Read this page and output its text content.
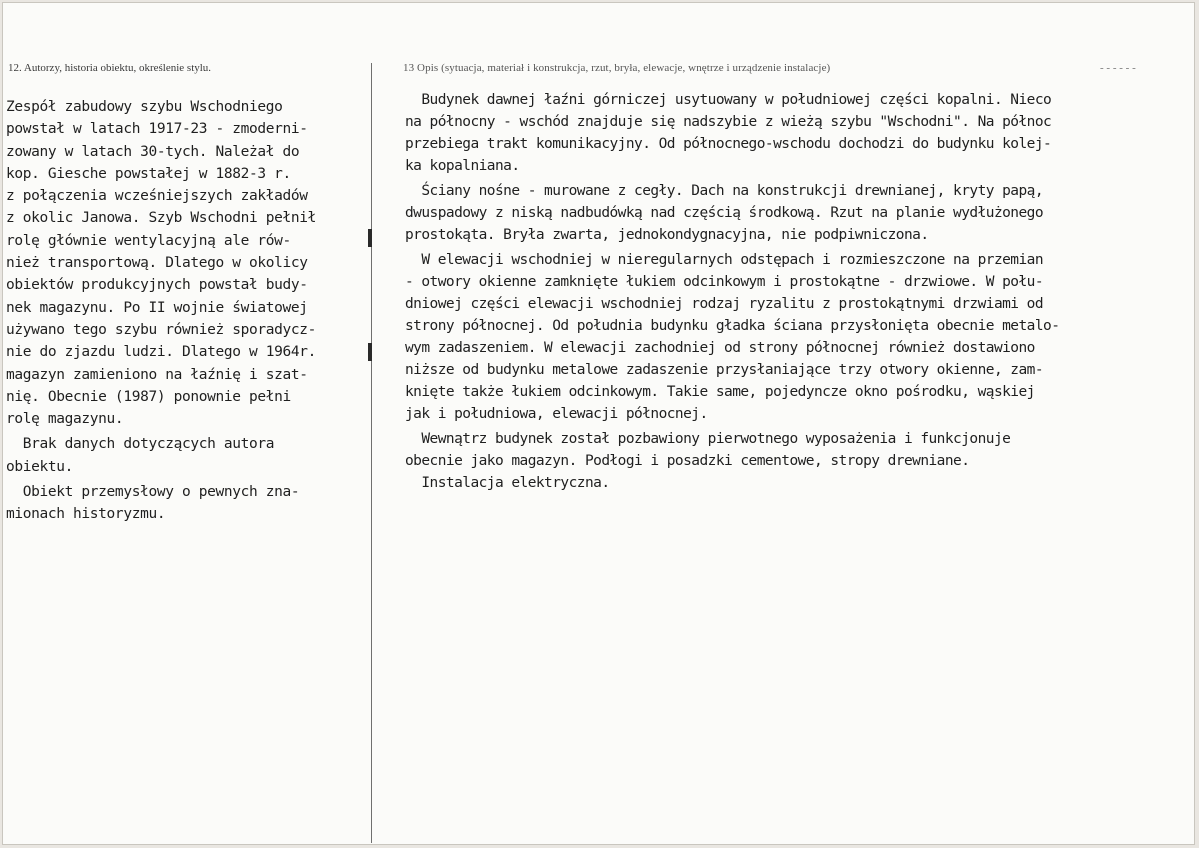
12. Autorzy, historia obiektu, określenie stylu.	13 Opis (sytuacja, materiał i konstrukcja, rzut, bryła, elewacje, wnętrze i urządzenie instalacje)	- - - - - -
Zespół zabudowy szybu Wschodniego
powstał w latach 1917-23 - zmoderni-
zowany w latach 30-tych. Należał do
kop. Giesche powstałej w 1882-3 r.
z połączenia wcześniejszych zakładów
z okolic Janowa. Szyb Wschodni pełnił
rolę głównie wentylacyjną ale rów-
nież transportową. Dlatego w okolicy
obiektów produkcyjnych powstał budy-
nek magazynu. Po II wojnie światowej
używano tego szybu również sporadycz-
nie do zjazdu ludzi. Dlatego w 1964r.
magazyn zamieniono na łaźnię i szat-
nię. Obecnie (1987) ponownie pełni
rolę magazynu.
Brak danych dotyczących autora
obiektu.
Obiekt przemysłowy o pewnych zna-
mionach historyzmu.
Budynek dawnej łaźni górniczej usytuowany w południowej części kopalni. Nieco
na północny - wschód znajduje się nadszybie z wieżą szybu "Wschodni". Na północ
przebiega trakt komunikacyjny. Od północnego-wschodu dochodzi do budynku kolej-
ka kopalniana.
Ściany nośne - murowane z cegły. Dach na konstrukcji drewnianej, kryty papą,
dwuspadowy z niską nadbudówką nad częścią środkową. Rzut na planie wydłużonego
prostokąta. Bryła zwarta, jednokondygnacyjna, nie podpiwniczona.
W elewacji wschodniej w nieregularnych odstępach i rozmieszczone na przemian
- otwory okienne zamknięte łukiem odcinkowym i prostokątne - drzwiowe. W połu-
dniowej części elewacji wschodniej rodzaj ryzalitu z prostokątnymi drzwiami od
strony północnej. Od południa budynku gładka ściana przysłonięta obecnie metalo-
wym zadaszeniem. W elewacji zachodniej od strony północnej również dostawiono
niższe od budynku metalowe zadaszenie przysłaniające trzy otwory okienne, zam-
knięte także łukiem odcinkowym. Takie same, pojedyncze okno pośrodku, wąskiej
jak i południowa, elewacji północnej.
Wewnątrz budynek został pozbawiony pierwotnego wyposażenia i funkcjonuje
obecnie jako magazyn. Podłogi i posadzki cementowe, stropy drewniane.
Instalacja elektryczna.
